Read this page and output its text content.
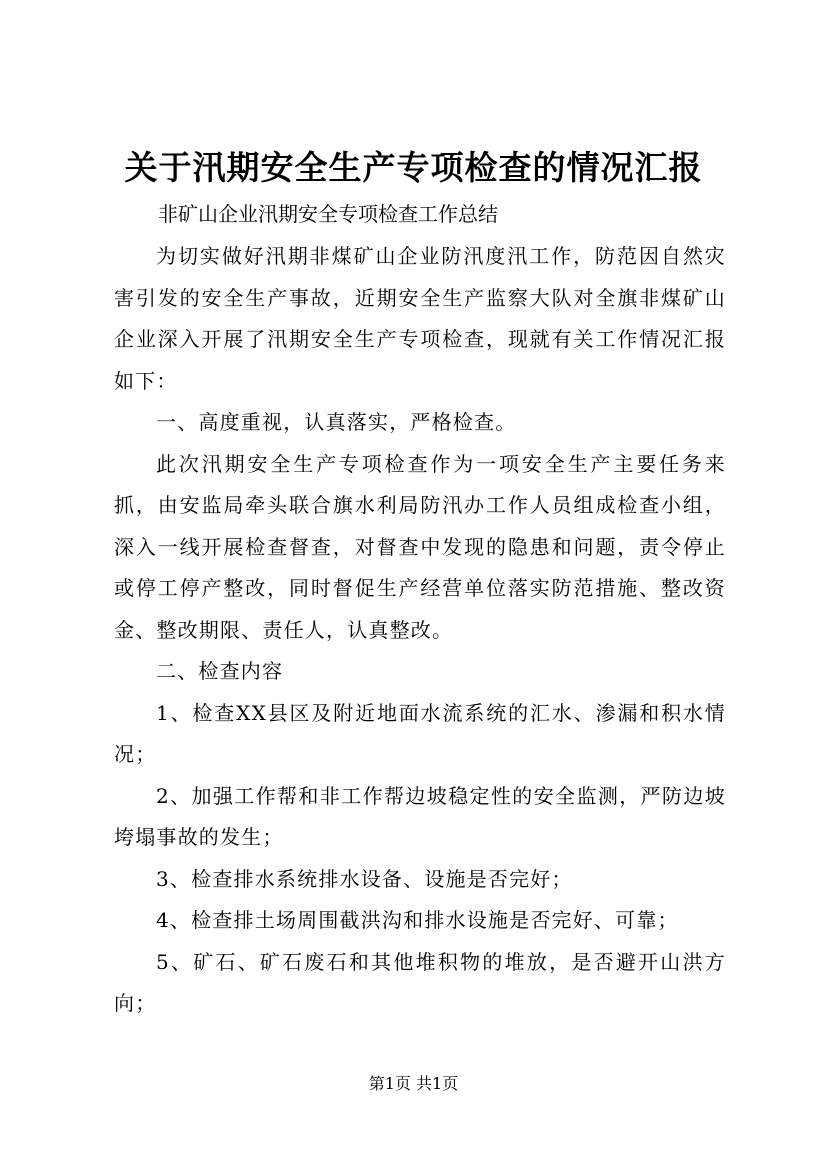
关于汛期安全生产专项检查的情况汇报
非矿山企业汛期安全专项检查工作总结

为切实做好汛期非煤矿山企业防汛度汛工作，防范因自然灾害引发的安全生产事故，近期安全生产监察大队对全旗非煤矿山企业深入开展了汛期安全生产专项检查，现就有关工作情况汇报如下：

一、高度重视，认真落实，严格检查。

此次汛期安全生产专项检查作为一项安全生产主要任务来抓，由安监局牵头联合旗水利局防汛办工作人员组成检查小组，深入一线开展检查督查，对督查中发现的隐患和问题，责令停止或停工停产整改，同时督促生产经营单位落实防范措施、整改资金、整改期限、责任人，认真整改。

二、检查内容

1、检查XX县区及附近地面水流系统的汇水、渗漏和积水情况；

2、加强工作帮和非工作帮边坡稳定性的安全监测，严防边坡垮塌事故的发生；

3、检查排水系统排水设备、设施是否完好；

4、检查排土场周围截洪沟和排水设施是否完好、可靠；

5、矿石、矿石废石和其他堆积物的堆放，是否避开山洪方向；

第1页 共1页
